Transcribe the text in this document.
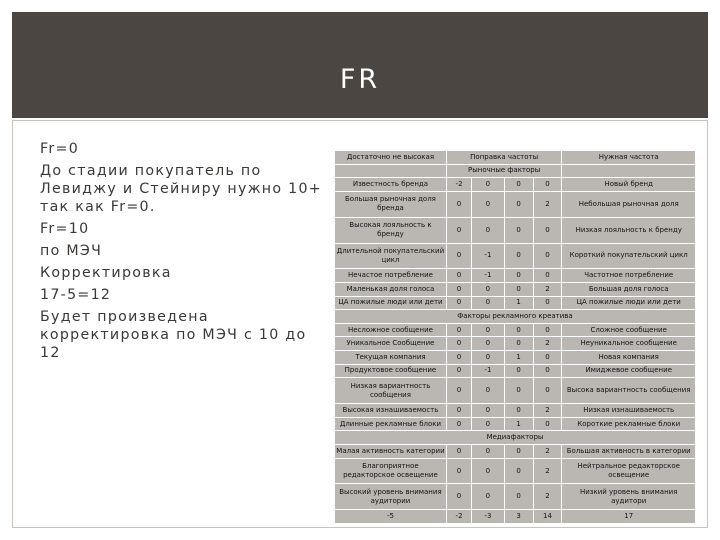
FR
Fr=0
До стадии покупатель по Левиджу и Стейниру нужно 10+ так как Fr=0.
Fr=10
по МЭЧ
Корректировка
17-5=12
Будет произведена корректировка по МЭЧ с 10 до 12
Достаточно не высокая	Поправка частоты				Нужная частота
	Рыночные факторы				
Известность бренда	-2	0	0	0	Новый бренд
Большая рыночная доля бренда	0	0	0	2	Небольшая рыночная доля
Высокая лояльность к бренду	0	0	0	0	Низкая лояльность к бренду
Длительной покупательский цикл	0	-1	0	0	Короткий покупательский цикл
Нечастое потребление	0	-1	0	0	Частотное потребление
Маленькая доля голоса	0	0	0	2	Большая доля голоса
ЦА пожилые люди или дети	0	0	1	0	ЦА пожилые люди или дети
Факторы рекламного креатива					
Несложное сообщение	0	0	0	0	Сложное сообщение
Уникальное Сообщение	0	0	0	2	Неуникальное сообщение
Текущая компания	0	0	1	0	Новая компания
Продуктовое сообщение	0	-1	0	0	Имиджевое сообщение
Низкая вариантность сообщения	0	0	0	0	Высока вариантность сообщения
Высокая изнашиваемость	0	0	0	2	Низкая изнашиваемость
Длинные рекламные блоки	0	0	1	0	Короткие рекламные блоки
Медиафакторы					
Малая активность категории	0	0	0	2	Большая активность в категории
Благоприятное редакторское освещение	0	0	0	2	Нейтральное редакторское освещение
Высокий уровень внимания аудитории	0	0	0	2	Низкий уровень внимания аудитори
-5	-2	-3	3	14	17
